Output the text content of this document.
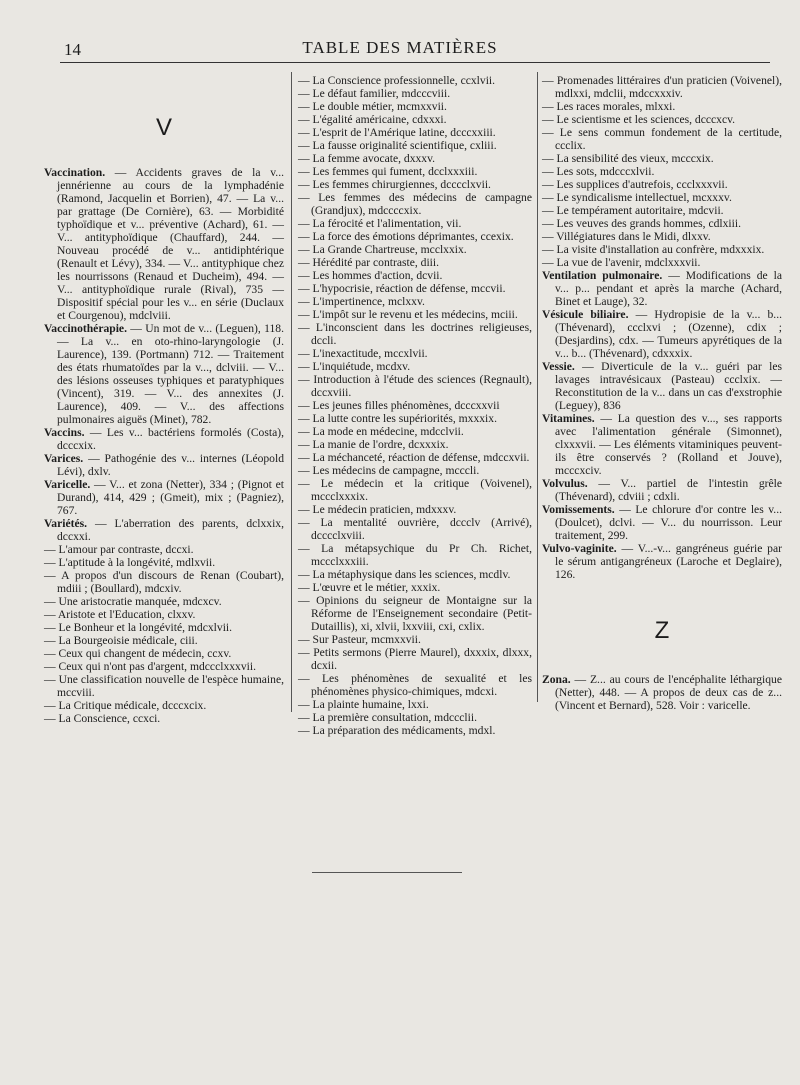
14	TABLE DES MATIÈRES
V
Vaccination. — Accidents graves de la v... jennérienne au cours de la lymphadénie (Ramond, Jacquelin et Borrien), 47. — La v... par grattage (De Cornière), 63. — Morbidité typhoïdique et v... préventive (Achard), 61. — V... antityphoïdique (Chauffard), 244. — Nouveau procédé de v... antidiphtérique (Renault et Lévy), 334. — V... antityphique chez les nourrissons (Renaud et Ducheim), 494. — V... antityphoïdique rurale (Rival), 735 — Dispositif spécial pour les v... en série (Duclaux et Courgenou), mdclviii.
Vaccinothérapie. — Un mot de v... (Leguen), 118. — La v... en oto-rhino-laryngologie (J. Laurence), 139. (Portmann) 712. — Traitement des états rhumatoïdes par la v..., dclviii. — V... des lésions osseuses typhiques et paratyphiques (Vincent), 319. — V... des annexites (J. Laurence), 409. — V... des affections pulmonaires aiguës (Minet), 782.
Vaccins. — Les v... bactériens formolés (Costa), dcccxix.
Varices. — Pathogénie des v... internes (Léopold Lévi), dxlv.
Varicelle. — V... et zona (Netter), 334 ; (Pignot et Durand), 414, 429 ; (Gmeit), mix ; (Pagniez), 767.
Variétés. — L'aberration des parents, dclxxix, dccxxi.
— L'amour par contraste, dccxi.
— L'aptitude à la longévité, mdlxvii.
— A propos d'un discours de Renan (Coubart), mdiii ; (Boullard), mdcxiv.
— Une aristocratie manquée, mdcxcv.
— Aristote et l'Education, clxxv.
— Le Bonheur et la longévité, mdcxlvii.
— La Bourgeoisie médicale, ciii.
— Ceux qui changent de médecin, ccxv.
— Ceux qui n'ont pas d'argent, mdccclxxxvii.
— Une classification nouvelle de l'espèce humaine, mccviii.
— La Critique médicale, dcccxcix.
— La Conscience, ccxci.
— La Conscience professionnelle, ccxlvii.
— Le défaut familier, mdcccviii.
— Le double métier, mcmxxvii.
— L'égalité américaine, cdxxxi.
— L'esprit de l'Amérique latine, dcccxxiii.
— La fausse originalité scientifique, cxliii.
— La femme avocate, dxxxv.
— Les femmes qui fument, dcclxxxiii.
— Les femmes chirurgiennes, dcccclxvii.
— Les femmes des médecins de campagne (Grandjux), mdccccxix.
— La férocité et l'alimentation, vii.
— La force des émotions déprimantes, ccexix.
— La Grande Chartreuse, mcclxxix.
— Hérédité par contraste, diii.
— Les hommes d'action, dcvii.
— L'hypocrisie, réaction de défense, mccvii.
— L'impertinence, mclxxv.
— L'impôt sur le revenu et les médecins, mciii.
— L'inconscient dans les doctrines religieuses, dccli.
— L'inexactitude, mccxlvii.
— L'inquiétude, mcdxv.
— Introduction à l'étude des sciences (Regnault), dccxviii.
— Les jeunes filles phénomènes, dcccxxvii
— La lutte contre les supériorités, mxxxix.
— La mode en médecine, mdcclvii.
— La manie de l'ordre, dcxxxix.
— La méchanceté, réaction de défense, mdccxvii.
— Les médecins de campagne, mcccli.
— Le médecin et la critique (Voivenel), mccclxxxix.
— Le médecin praticien, mdxxxv.
— La mentalité ouvrière, dccclv (Arrivé), dcccclxviii.
— La métapsychique du Pr Ch. Richet, mccclxxxiii.
— La métaphysique dans les sciences, mcdlv.
— L'œuvre et le métier, xxxix.
— Opinions du seigneur de Montaigne sur la Réforme de l'Enseignement secondaire (Petit-Dutaillis), xi, xlvii, lxxviii, cxi, cxlix.
— Sur Pasteur, mcmxxvii.
— Petits sermons (Pierre Maurel), dxxxix, dlxxx, dcxii.
— Les phénomènes de sexualité et les phénomènes physico-chimiques, mdcxi.
— La plainte humaine, lxxi.
— La première consultation, mdccclii.
— La préparation des médicaments, mdxl.
— Promenades littéraires d'un praticien (Voivenel), mdlxxi, mdclii, mdccxxxiv.
— Les races morales, mlxxi.
— Le scientisme et les sciences, dcccxcv.
— Le sens commun fondement de la certitude, ccclix.
— La sensibilité des vieux, mcccxix.
— Les sots, mdcccxlvii.
— Les supplices d'autrefois, ccclxxxvii.
— Le syndicalisme intellectuel, mcxxxv.
— Le tempérament autoritaire, mdcvii.
— Les veuves des grands hommes, cdlxiii.
— Villégiatures dans le Midi, dlxxv.
— La visite d'installation au confrère, mdxxxix.
— La vue de l'avenir, mdclxxxvii.
Ventilation pulmonaire. — Modifications de la v... p... pendant et après la marche (Achard, Binet et Lauge), 32.
Vésicule biliaire. — Hydropisie de la v... b... (Thévenard), ccclxvi ; (Ozenne), cdix ; (Desjardins), cdx. — Tumeurs apyrétiques de la v... b... (Thévenard), cdxxxix.
Vessie. — Diverticule de la v... guéri par les lavages intravésicaux (Pasteau) ccclxix. — Reconstitution de la v... dans un cas d'exstrophie (Leguey), 836
Vitamines. — La question des v..., ses rapports avec l'alimentation générale (Simonnet), clxxxvii. — Les éléments vitaminiques peuvent-ils être conservés ? (Rolland et Jouve), mcccxciv.
Volvulus. — V... partiel de l'intestin grêle (Thévenard), cdviii ; cdxli.
Vomissements. — Le chlorure d'or contre les v... (Doulcet), dclvi. — V... du nourrisson. Leur traitement, 299.
Vulvo-vaginite. — V...-v... gangréneus guérie par le sérum antigangréneux (Laroche et Deglaire), 126.
Z
Zona. — Z... au cours de l'encéphalite léthargique (Netter), 448. — A propos de deux cas de z... (Vincent et Bernard), 528. Voir : varicelle.
